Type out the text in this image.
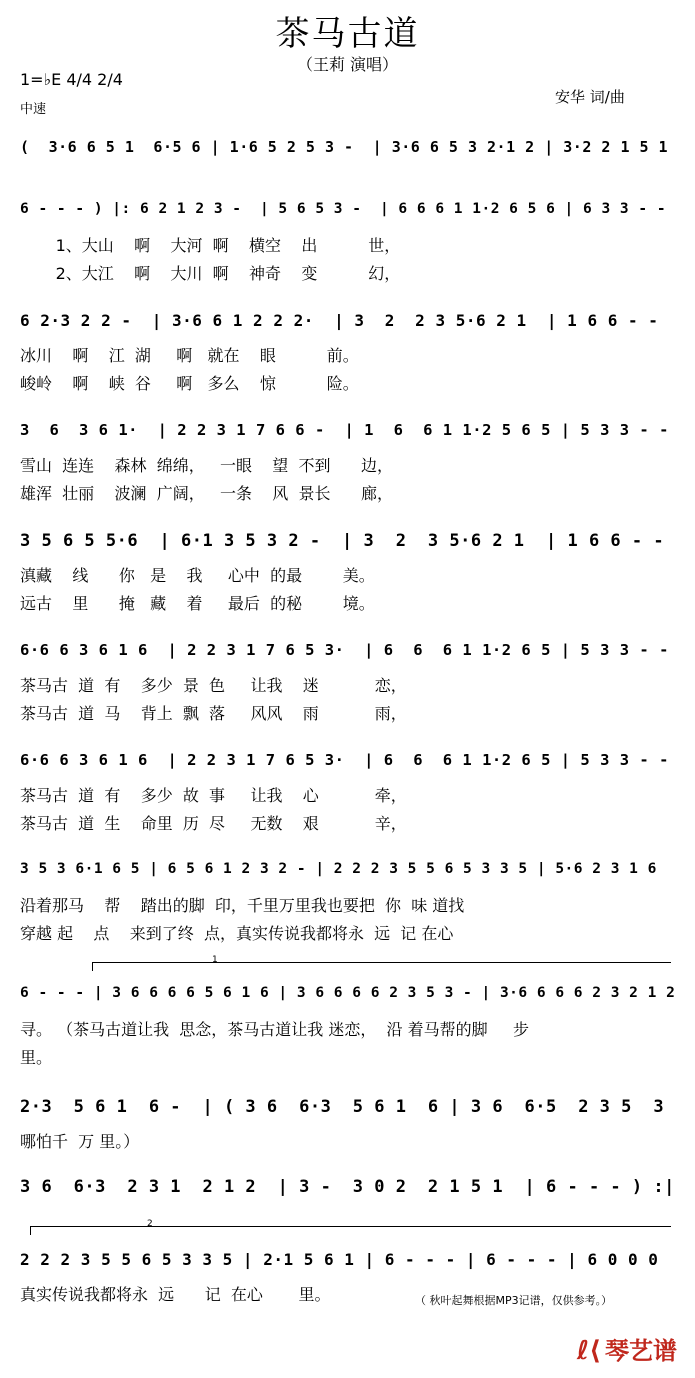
茶马古道
（王莉 演唱）
1=♭E 4/4 2/4
中速
安华 词/曲
(  3·6 6 5 1  6·5 6 | 1·6 5 2 5 3 -  | 3·6 6 5 3 2·1 2 | 3·2 2 1 5 1
6 - - - ) |: 6 2 1 2 3 -  | 5 6 5 3 -  | 6 6 6 1 1·2 6 5 6 | 6 3 3 - -
1、大山    啊    大河  啊    横空    出          世，
2、大江    啊    大川  啊    神奇    变          幻，
6 2·3 2 2 -  | 3·6 6 1 2 2 2·  | 3  2  2 3 5·6 2 1  | 1 6 6 - -
冰川    啊    江  湖     啊   就在    眼          前。
峻岭    啊    峡  谷     啊   多么    惊          险。
3  6  3 6 1·  | 2 2 3 1 7 6 6 -  | 1  6  6 1 1·2 5 6 5 | 5 3 3 - -
雪山  连连    森林  绵绵，   一眼    望  不到      边，
雄浑  壮丽    波澜  广阔，   一条    风  景长      廊，
3 5 6 5 5·6  | 6·1 3 5 3 2 -  | 3  2  3 5·6 2 1  | 1 6 6 - -
滇藏    线      你   是    我     心中  的最        美。
远古    里      掩   藏    着     最后  的秘        境。
6·6 6 3 6 1 6  | 2 2 3 1 7 6 5 3·  | 6  6  6 1 1·2 6 5 | 5 3 3 - -
茶马古  道  有    多少  景  色     让我    迷           恋，
茶马古  道  马    背上  飘  落     风风    雨           雨，
6·6 6 3 6 1 6  | 2 2 3 1 7 6 5 3·  | 6  6  6 1 1·2 6 5 | 5 3 3 - -
茶马古  道  有    多少  故  事     让我    心           牵，
茶马古  道  生    命里  历  尽     无数    艰           辛，
3 5 3 6·1 6 5 | 6 5 6 1 2 3 2 - | 2 2 2 3 5 5 6 5 3 3 5 | 5·6 2 3 1 6
沿着那马    帮    踏出的脚  印，千里万里我也要把  你  味 道找
穿越 起    点    来到了终  点，真实传说我都将永  远  记 在心
6 - - - | 3 6 6 6 6 5 6 1 6 | 3 6 6 6 6 2 3 5 3 - | 3·6 6 6 6 2 3 2 1 2
寻。 （茶马古道让我  思念，茶马古道让我 迷恋，  沿 着马帮的脚     步
里。
2·3  5 6 1  6 -  | ( 3 6  6·3  5 6 1  6 | 3 6  6·5  2 3 5  3
哪怕千  万 里。）
3 6  6·3  2 3 1  2 1 2  | 3 -  3 0 2  2 1 5 1  | 6 - - - ) :|
2 2 2 3 5 5 6 5 3 3 5 | 2·1 5 6 1 | 6 - - - | 6 - - - | 6 0 0 0
真实传说我都将永  远      记  在心       里。
1
2
（ 秋叶起舞根据MP3记谱，仅供参考。）
ℓ⟨ 琴艺谱
